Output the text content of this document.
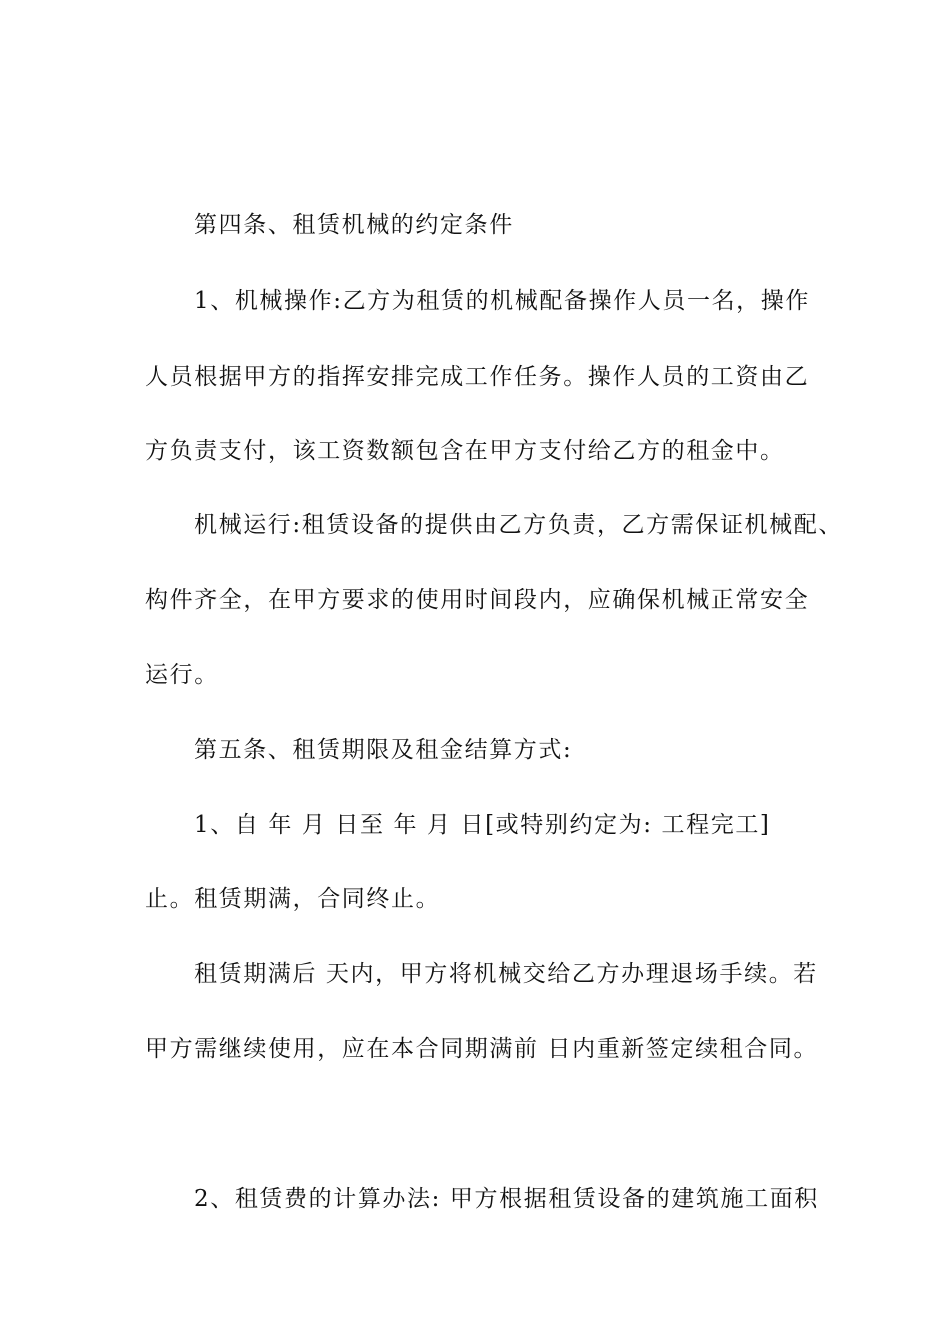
第四条、租赁机械的约定条件
1、机械操作:乙方为租赁的机械配备操作人员一名，操作
人员根据甲方的指挥安排完成工作任务。操作人员的工资由乙
方负责支付，该工资数额包含在甲方支付给乙方的租金中。
机械运行:租赁设备的提供由乙方负责，乙方需保证机械配、
构件齐全，在甲方要求的使用时间段内，应确保机械正常安全
运行。
第五条、租赁期限及租金结算方式:
1、自 年 月 日至 年 月 日[或特别约定为: 工程完工]
止。租赁期满，合同终止。
租赁期满后 天内，甲方将机械交给乙方办理退场手续。若
甲方需继续使用，应在本合同期满前 日内重新签定续租合同。
2、租赁费的计算办法: 甲方根据租赁设备的建筑施工面积
